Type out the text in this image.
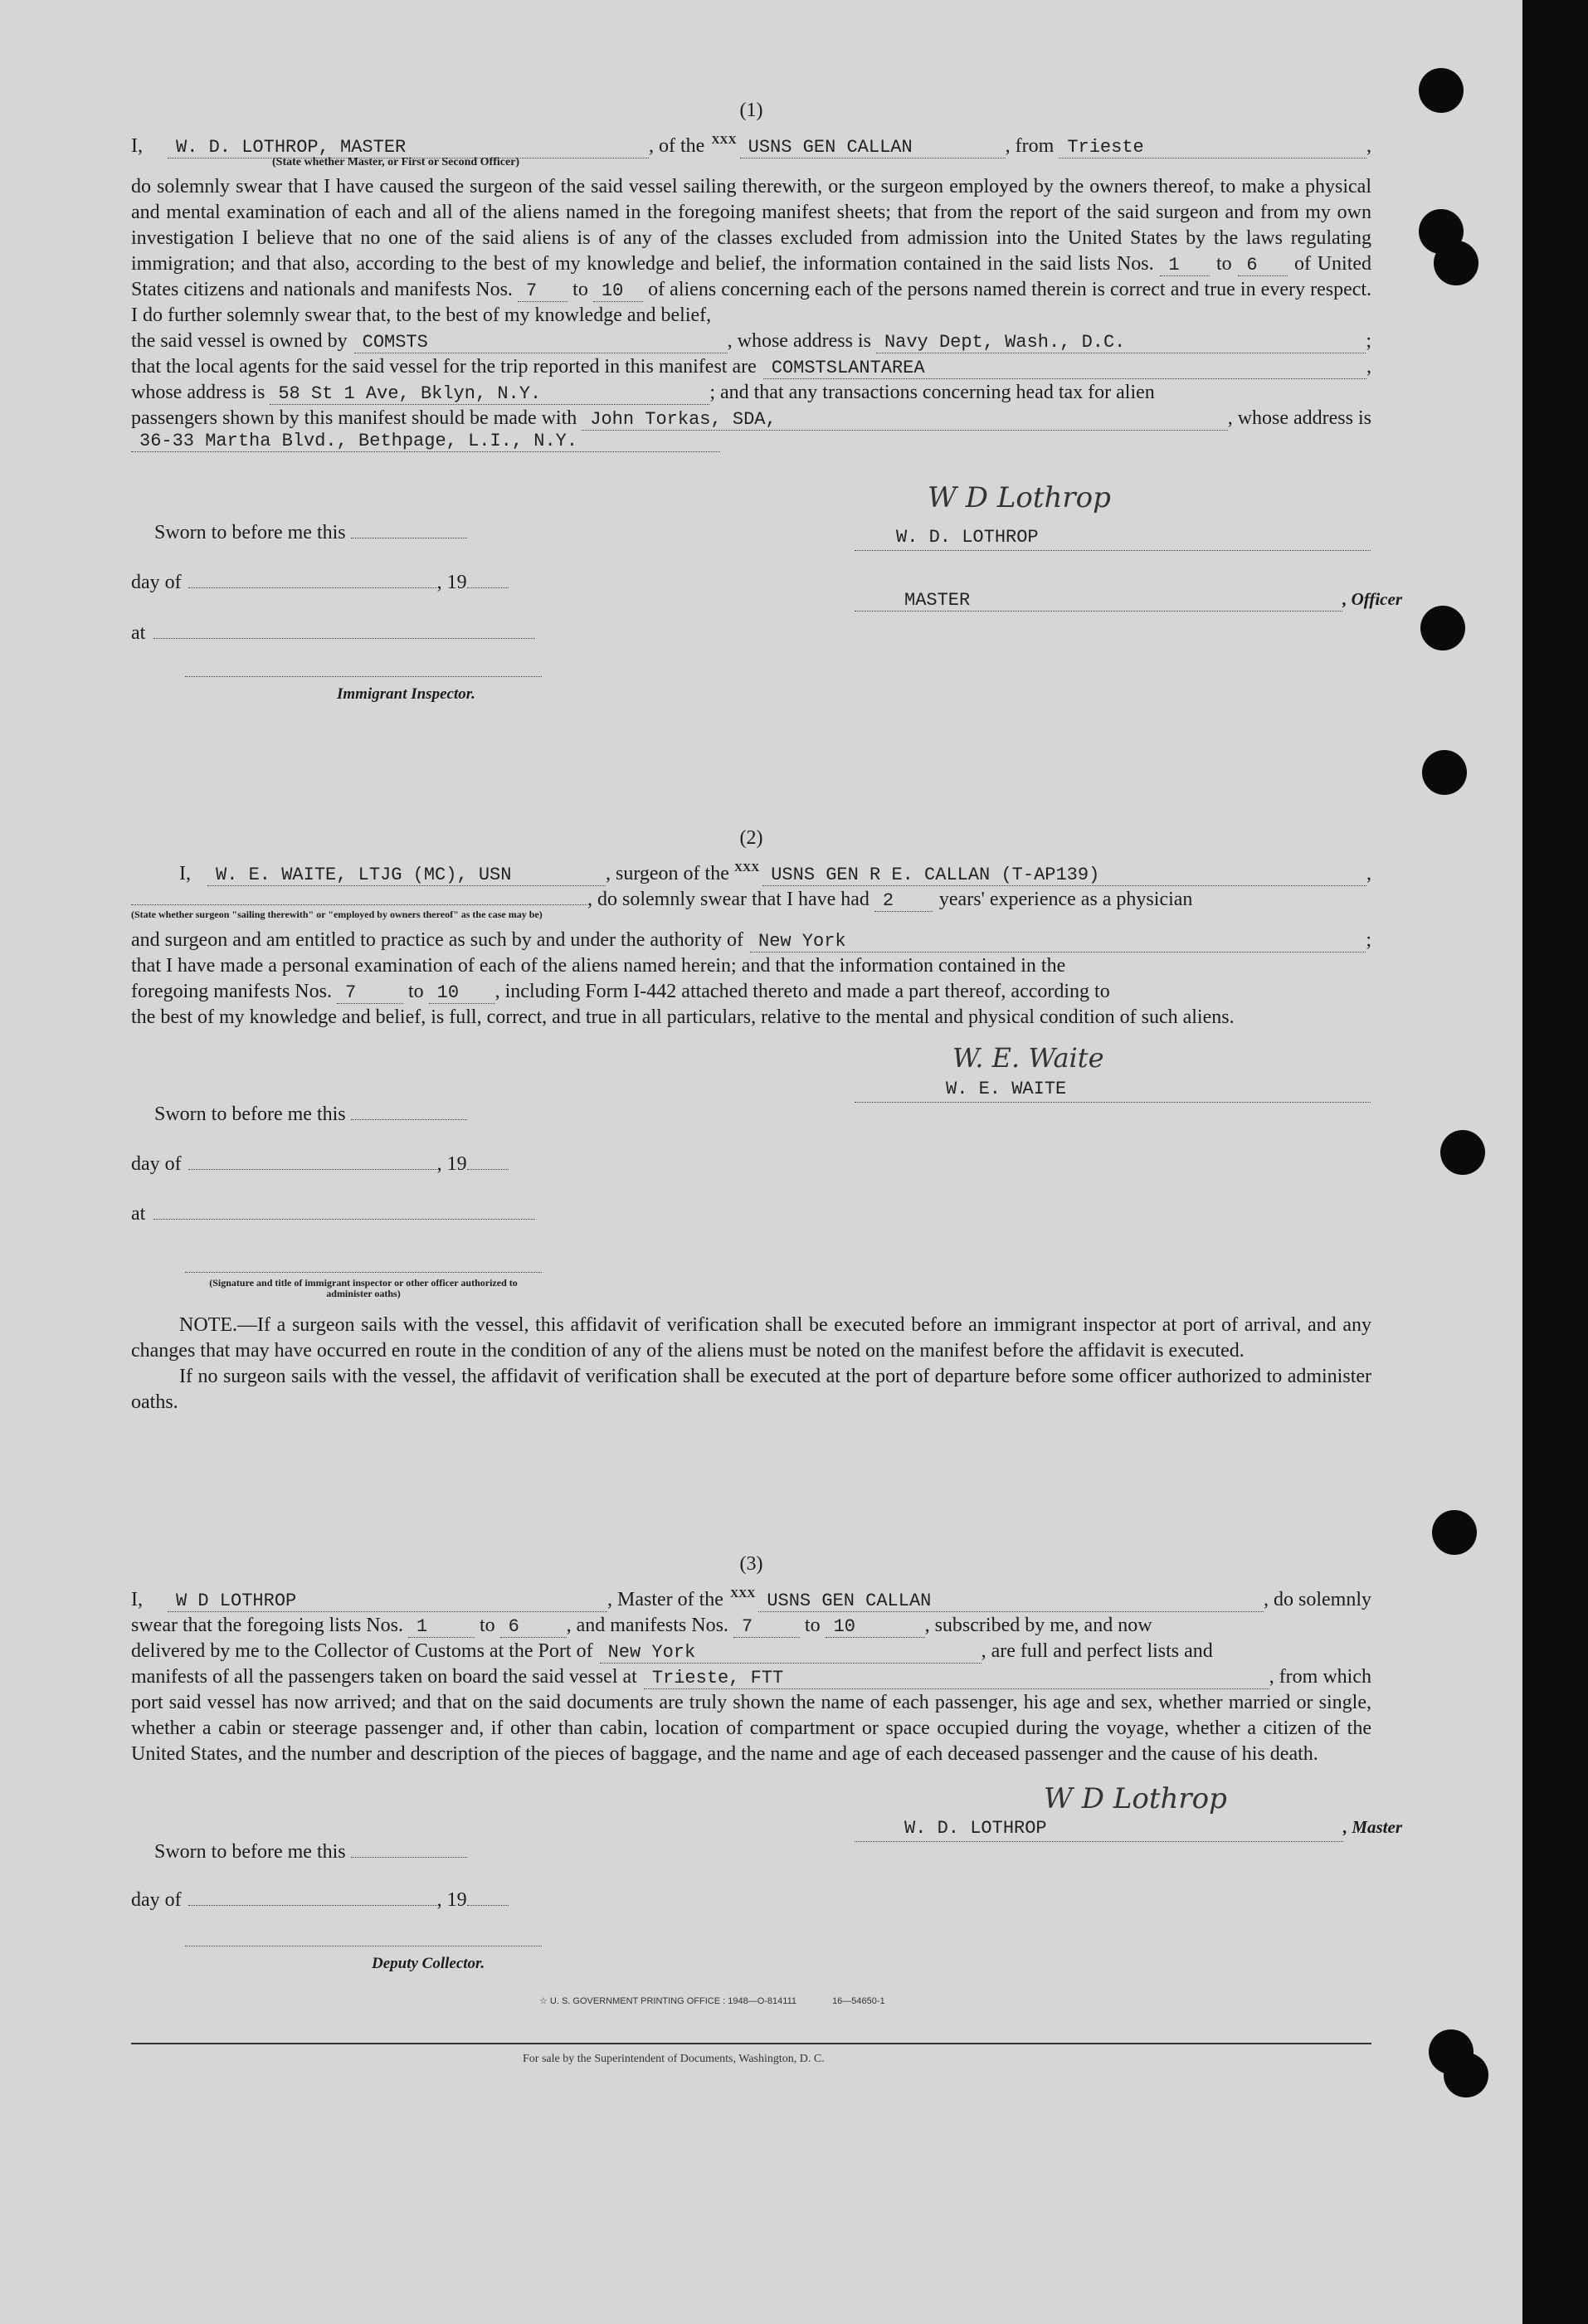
(1)
I,	W. D. LOTHROP, MASTER	, of the XXX USNS GEN CALLAN	, from Trieste	,
(State whether Master, or First or Second Officer)

do solemnly swear that I have caused the surgeon of the said vessel sailing therewith, or the surgeon employed by the owners thereof, to make a physical and mental examination of each and all of the aliens named in the foregoing manifest sheets; that from the report of the said surgeon and from my own investigation I believe that no one of the said aliens is of any of the classes excluded from admission into the United States by the laws regulating immigration; and that also, according to the best of my knowledge and belief, the information contained in the said lists Nos. 1 to 6 of United States citizens and nationals and manifests Nos. 7 to 10 of aliens concerning each of the persons named therein is correct and true in every respect. I do further solemnly swear that, to the best of my knowledge and belief,

the said vessel is owned by COMSTS	, whose address is Navy Dept, Wash., D.C.	;
that the local agents for the said vessel for the trip reported in this manifest are COMSTSLANTAREA	,
whose address is 58 St 1 Ave, Bklyn, N.Y.	; and that any transactions concerning head tax for alien
passengers shown by this manifest should be made with John Torkas, SDA,	, whose address is
36-33 Martha Blvd., Bethpage, L.I., N.Y.
Sworn to before me this
day of	, 19
at
Immigrant Inspector.
W D Lothrop
W. D. LOTHROP
MASTER	, Officer
(2)
I,	W. E. WAITE, LTJG (MC), USN	, surgeon of the XXX USNS GEN R E. CALLAN (T-AP139)	,
, do solemnly swear that I have had 2	years' experience as a physician
(State whether surgeon "sailing therewith" or "employed by owners thereof" as the case may be)
and surgeon and am entitled to practice as such by and under the authority of New York	;
that I have made a personal examination of each of the aliens named herein; and that the information contained in the
foregoing manifests Nos. 7	to 10	, including Form I-442 attached thereto and made a part thereof, according to

the best of my knowledge and belief, is full, correct, and true in all particulars, relative to the mental and physical condition of such aliens.

W. E. Waite
W. E. WAITE
Sworn to before me this
day of	, 19
at
(Signature and title of immigrant inspector or other officer authorized to administer oaths)

NOTE.—If a surgeon sails with the vessel, this affidavit of verification shall be executed before an immigrant inspector at port of arrival, and any changes that may have occurred en route in the condition of any of the aliens must be noted on the manifest before the affidavit is executed.

If no surgeon sails with the vessel, the affidavit of verification shall be executed at the port of departure before some officer authorized to administer oaths.

(3)
I,	W D LOTHROP	, Master of the XXX USNS GEN CALLAN	, do solemnly
swear that the foregoing lists Nos. 1	to 6	, and manifests Nos. 7	to 10	, subscribed by me, and now
delivered by me to the Collector of Customs at the Port of New York	, are full and perfect lists and
manifests of all the passengers taken on board the said vessel at Trieste, FTT	, from which

port said vessel has now arrived; and that on the said documents are truly shown the name of each passenger, his age and sex, whether married or single, whether a cabin or steerage passenger and, if other than cabin, location of compartment or space occupied during the voyage, whether a citizen of the United States, and the number and description of the pieces of baggage, and the name and age of each deceased passenger and the cause of his death.

W D Lothrop
W. D. LOTHROP	, Master
Sworn to before me this
day of	, 19
Deputy Collector.
☆ U. S. GOVERNMENT PRINTING OFFICE : 1948—O-814111	16—54650-1
For sale by the Superintendent of Documents, Washington, D. C.
